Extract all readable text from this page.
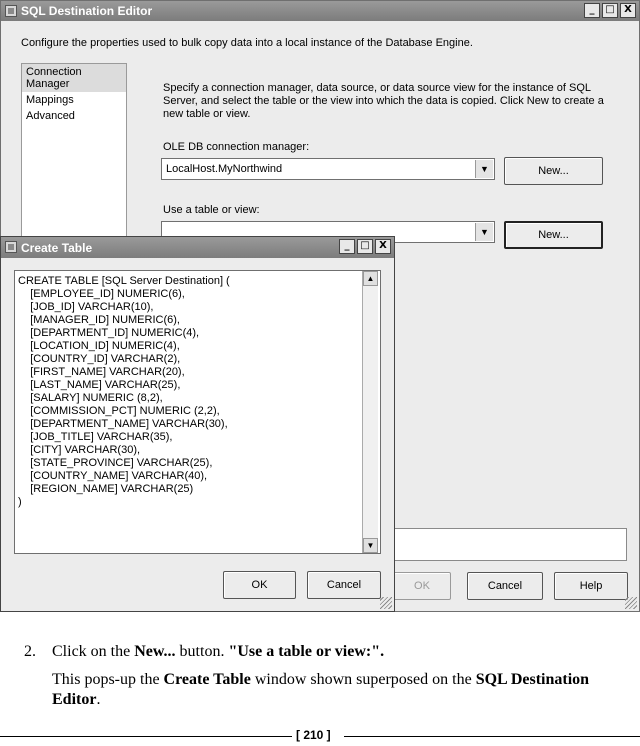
SQL Destination Editor	_	□ X
Configure the properties used to bulk copy data into a local instance of the Database Engine.
Connection Manager
Mappings
Advanced
Specify a connection manager, data source, or data source view for the instance of SQL Server, and select the table or the view into which the data is copied. Click New to create a new table or view.
OLE DB connection manager:
LocalHost.MyNorthwind	▼	New...
Use a table or view:
▼	New...
OK	Cancel	Help
Create Table	_	□ X
▲
▼
CREATE TABLE [SQL Server Destination] (
[EMPLOYEE_ID] NUMERIC(6),
[JOB_ID] VARCHAR(10),
[MANAGER_ID] NUMERIC(6),
[DEPARTMENT_ID] NUMERIC(4),
[LOCATION_ID] NUMERIC(4),
[COUNTRY_ID] VARCHAR(2),
[FIRST_NAME] VARCHAR(20),
[LAST_NAME] VARCHAR(25),
[SALARY] NUMERIC (8,2),
[COMMISSION_PCT] NUMERIC (2,2),
[DEPARTMENT_NAME] VARCHAR(30),
[JOB_TITLE] VARCHAR(35),
[CITY] VARCHAR(30),
[STATE_PROVINCE] VARCHAR(25),
[COUNTRY_NAME] VARCHAR(40),
[REGION_NAME] VARCHAR(25)
)
OK	Cancel
2. Click on the New... button. "Use a table or view:".
This pops-up the Create Table window shown superposed on the SQL Destination Editor.
[ 210 ]
